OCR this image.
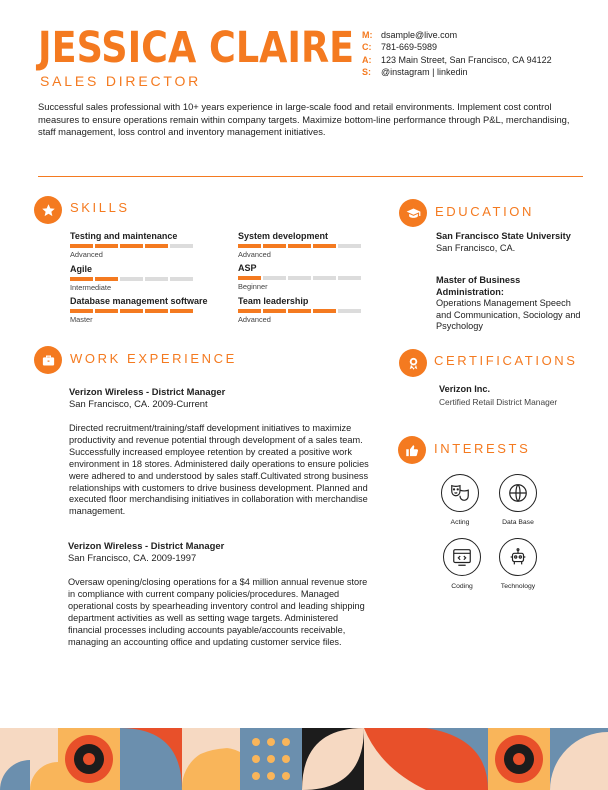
JESSICA CLAIRE
SALES DIRECTOR
M: dsample@live.com
C:	781-669-5989
A:	123 Main Street, San Francisco, CA 94122
S:	@instagram | linkedin
Successful sales professional with 10+ years experience in large-scale food and retail environments. Implement cost control measures to ensure operations remain within company targets. Maximize bottom-line performance through P&L, merchandising, staff management, loss control and inventory management initiatives.
SKILLS
Testing and maintenance
Advanced
System development
Advanced
Agile
Intermediate
ASP
Beginner
Database management software
Master
Team leadership
Advanced
WORK EXPERIENCE
Verizon Wireless - District Manager
San Francisco, CA. 2009-Current
Directed recruitment/training/staff development initiatives to maximize productivity and revenue potential through development of a sales team. Successfully increased employee retention by created a positive work environment in 18 stores. Administered daily operations to ensure policies were adhered to and understood by sales staff.Cultivated strong business relationships with customers to drive business development. Planned and executed floor merchandising initiatives in collaboration with merchandise management.
Verizon Wireless - District Manager
San Francisco, CA. 2009-1997
Oversaw opening/closing operations for a $4 million annual revenue store in compliance with current company policies/procedures. Managed operational costs by spearheading inventory control and leading shipping department activities as well as setting wage targets. Administered financial processes including accounts payable/accounts receivable, managing an accounting office and updating customer service files.
EDUCATION
San Francisco State University
San Francisco, CA.
Master of Business Administration:
Operations Management Speech and Communication, Sociology and Psychology
CERTIFICATIONS
Verizon Inc.
Certified Retail District Manager
INTERESTS
Acting	Data Base
Coding	Technology
